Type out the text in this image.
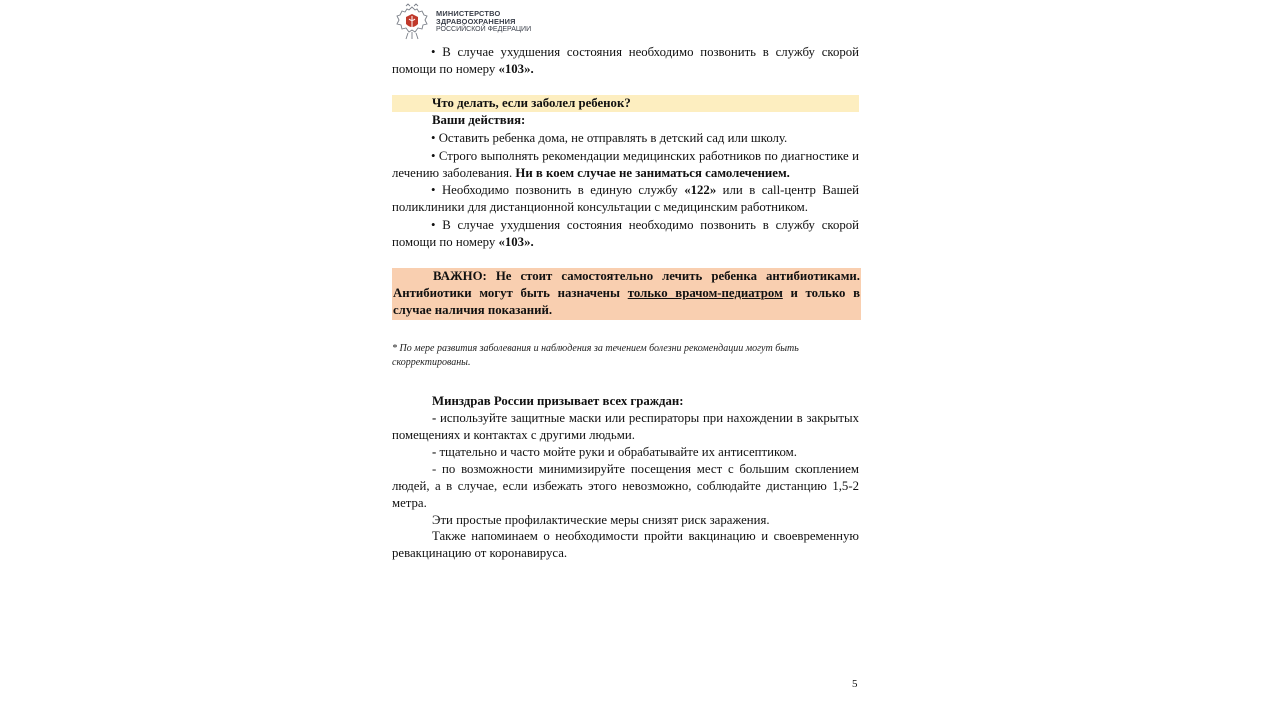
МИНИСТЕРСТВО
ЗДРАВООХРАНЕНИЯ
РОССИЙСКОЙ ФЕДЕРАЦИИ
• В случае ухудшения состояния необходимо позвонить в службу скорой помощи по номеру «103».
Что делать, если заболел ребенок?
Ваши действия:
• Оставить ребенка дома, не отправлять в детский сад или школу.
• Строго выполнять рекомендации медицинских работников по диагностике и лечению заболевания. Ни в коем случае не заниматься самолечением.
• Необходимо позвонить в единую службу «122» или в call-центр Вашей поликлиники для дистанционной консультации с медицинским работником.
• В случае ухудшения состояния необходимо позвонить в службу скорой помощи по номеру «103».
ВАЖНО: Не стоит самостоятельно лечить ребенка антибиотиками. Антибиотики могут быть назначены только врачом-педиатром и только в случае наличия показаний.
* По мере развития заболевания и наблюдения за течением болезни рекомендации могут быть скорректированы.
Минздрав России призывает всех граждан:
- используйте защитные маски или респираторы при нахождении в закрытых помещениях и контактах с другими людьми.
- тщательно и часто мойте руки и обрабатывайте их антисептиком.
- по возможности минимизируйте посещения мест с большим скоплением людей, а в случае, если избежать этого невозможно, соблюдайте дистанцию 1,5-2 метра.
Эти простые профилактические меры снизят риск заражения.
Также напоминаем о необходимости пройти вакцинацию и своевременную ревакцинацию от коронавируса.
5
